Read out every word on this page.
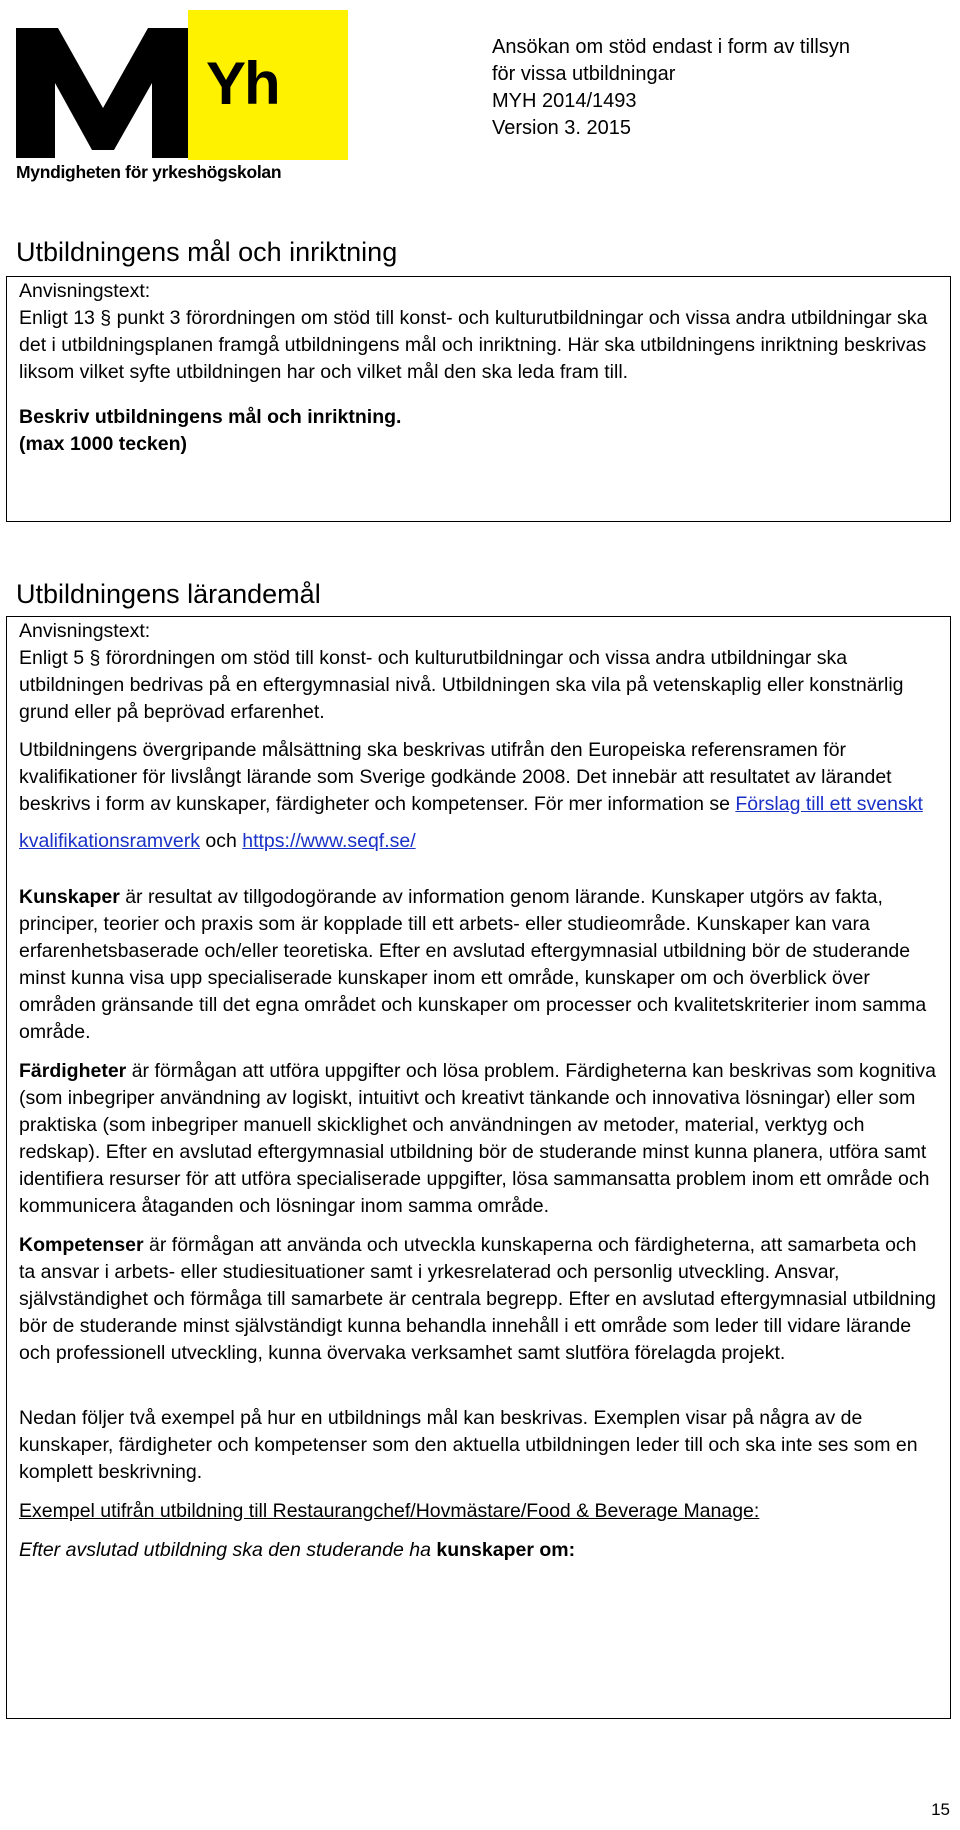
Yh
Myndigheten för yrkeshögskolan
Ansökan om stöd endast i form av tillsyn
för vissa utbildningar
MYH 2014/1493
Version 3. 2015
Utbildningens mål och inriktning

Anvisningstext:

Enligt 13 § punkt 3 förordningen om stöd till konst- och kulturutbildningar och vissa andra utbildningar ska det i utbildningsplanen framgå utbildningens mål och inriktning. Här ska utbildningens inriktning beskrivas liksom vilket syfte utbildningen har och vilket mål den ska leda fram till.

Beskriv utbildningens mål och inriktning.

(max 1000 tecken)

Utbildningens lärandemål

Anvisningstext:

Enligt 5 § förordningen om stöd till konst- och kulturutbildningar och vissa andra utbildningar ska utbildningen bedrivas på en eftergymnasial nivå. Utbildningen ska vila på vetenskaplig eller konstnärlig grund eller på beprövad erfarenhet.

Utbildningens övergripande målsättning ska beskrivas utifrån den Europeiska referensramen för kvalifikationer för livslångt lärande som Sverige godkände 2008. Det innebär att resultatet av lärandet beskrivs i form av kunskaper, färdigheter och kompetenser. För mer information se Förslag till ett svenskt

kvalifikationsramverk och https://www.seqf.se/

Kunskaper är resultat av tillgodogörande av information genom lärande. Kunskaper utgörs av fakta, principer, teorier och praxis som är kopplade till ett arbets- eller studieområde. Kunskaper kan vara erfarenhetsbaserade och/eller teoretiska. Efter en avslutad eftergymnasial utbildning bör de studerande minst kunna visa upp specialiserade kunskaper inom ett område, kunskaper om och överblick över områden gränsande till det egna området och kunskaper om processer och kvalitetskriterier inom samma område.

Färdigheter är förmågan att utföra uppgifter och lösa problem. Färdigheterna kan beskrivas som kognitiva (som inbegriper användning av logiskt, intuitivt och kreativt tänkande och innovativa lösningar) eller som praktiska (som inbegriper manuell skicklighet och användningen av metoder, material, verktyg och redskap). Efter en avslutad eftergymnasial utbildning bör de studerande minst kunna planera, utföra samt identifiera resurser för att utföra specialiserade uppgifter, lösa sammansatta problem inom ett område och kommunicera åtaganden och lösningar inom samma område.

Kompetenser är förmågan att använda och utveckla kunskaperna och färdigheterna, att samarbeta och ta ansvar i arbets- eller studiesituationer samt i yrkesrelaterad och personlig utveckling. Ansvar, självständighet och förmåga till samarbete är centrala begrepp. Efter en avslutad eftergymnasial utbildning bör de studerande minst självständigt kunna behandla innehåll i ett område som leder till vidare lärande och professionell utveckling, kunna övervaka verksamhet samt slutföra förelagda projekt.

Nedan följer två exempel på hur en utbildnings mål kan beskrivas. Exemplen visar på några av de kunskaper, färdigheter och kompetenser som den aktuella utbildningen leder till och ska inte ses som en komplett beskrivning.

Exempel utifrån utbildning till Restaurangchef/Hovmästare/Food & Beverage Manage:

Efter avslutad utbildning ska den studerande ha kunskaper om:

15
